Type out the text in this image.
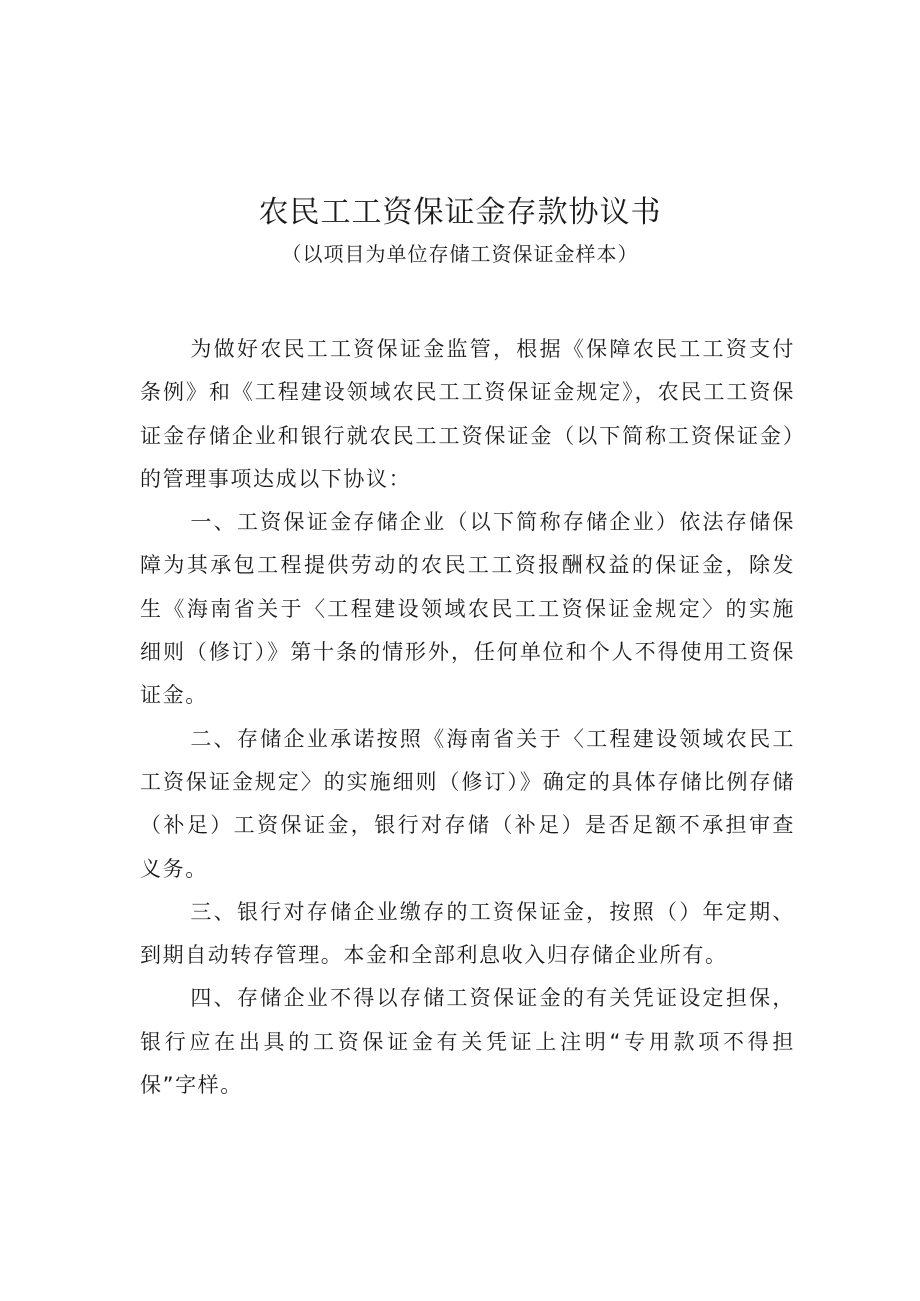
农民工工资保证金存款协议书
（以项目为单位存储工资保证金样本）

为做好农民工工资保证金监管，根据《保障农民工工资支付条例》和《工程建设领域农民工工资保证金规定》，农民工工资保证金存储企业和银行就农民工工资保证金（以下简称工资保证金）的管理事项达成以下协议：

一、工资保证金存储企业（以下简称存储企业）依法存储保障为其承包工程提供劳动的农民工工资报酬权益的保证金，除发生《海南省关于〈工程建设领域农民工工资保证金规定〉的实施细则（修订）》第十条的情形外，任何单位和个人不得使用工资保证金。

二、存储企业承诺按照《海南省关于〈工程建设领域农民工工资保证金规定〉的实施细则（修订）》确定的具体存储比例存储（补足）工资保证金，银行对存储（补足）是否足额不承担审查义务。

三、银行对存储企业缴存的工资保证金，按照（）年定期、到期自动转存管理。本金和全部利息收入归存储企业所有。

四、存储企业不得以存储工资保证金的有关凭证设定担保，银行应在出具的工资保证金有关凭证上注明“专用款项不得担保”字样。
